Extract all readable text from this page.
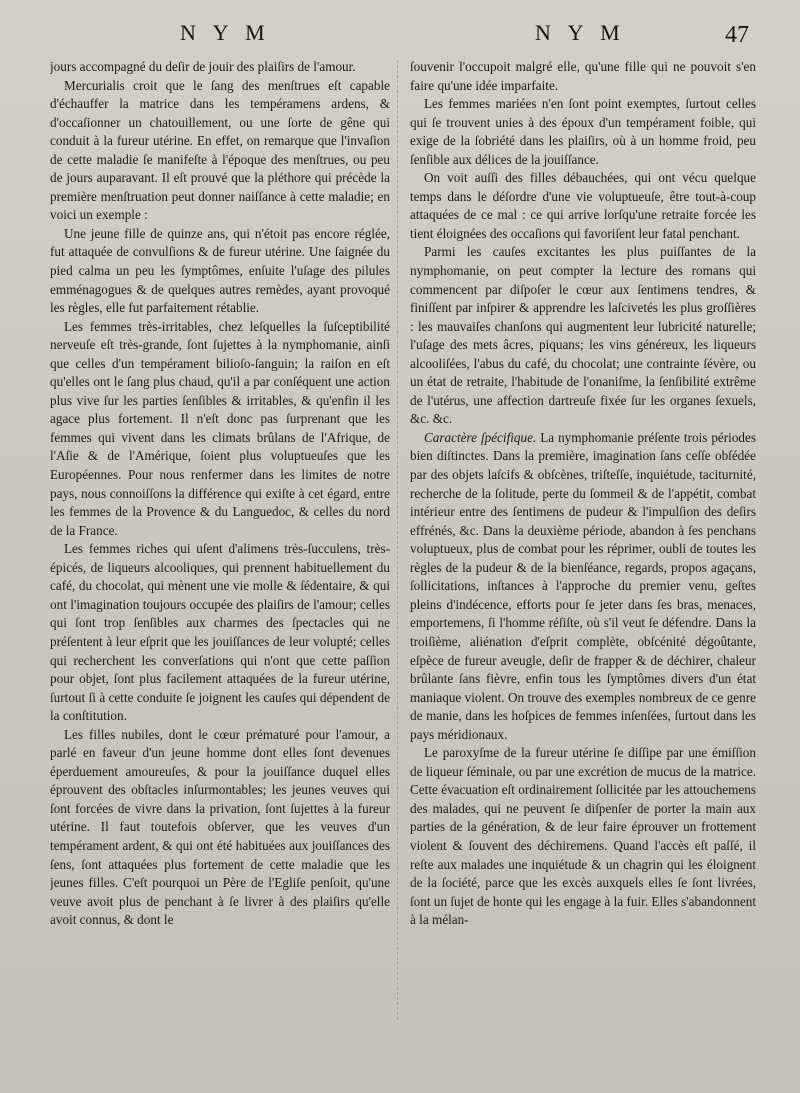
N Y M	N Y M	47

jours accompagné du deſir de jouir des plaiſirs de l'amour.

Mercurialis croit que le ſang des menſtrues eſt capable d'échauffer la matrice dans les tempéramens ardens, & d'occaſionner un chatouillement, ou une ſorte de gêne qui conduit à la fureur utérine. En effet, on remarque que l'invaſion de cette maladie ſe manifeſte à l'époque des menſtrues, ou peu de jours auparavant. Il eſt prouvé que la pléthore qui précède la première menſtruation peut donner naiſſance à cette maladie; en voici un exemple :

Une jeune fille de quinze ans, qui n'étoit pas encore réglée, fut attaquée de convulſions & de fureur utérine. Une ſaignée du pied calma un peu les ſymptômes, enſuite l'uſage des pilules emménagogues & de quelques autres remèdes, ayant provoqué les règles, elle fut parfaitement rétablie.

Les femmes très-irritables, chez leſquelles la ſuſceptibilité nerveuſe eſt très-grande, ſont ſujettes à la nymphomanie, ainſi que celles d'un tempérament bilioſo-ſanguin; la raiſon en eſt qu'elles ont le ſang plus chaud, qu'il a par conſéquent une action plus vive ſur les parties ſenſibles & irritables, & qu'enfin il les agace plus fortement. Il n'eſt donc pas ſurprenant que les femmes qui vivent dans les climats brûlans de l'Afrique, de l'Aſie & de l'Amérique, ſoient plus voluptueuſes que les Européennes. Pour nous renfermer dans les limites de notre pays, nous connoiſſons la différence qui exiſte à cet égard, entre les femmes de la Provence & du Languedoc, & celles du nord de la France.

Les femmes riches qui uſent d'alimens très-ſucculens, très-épicés, de liqueurs alcooliques, qui prennent habituellement du café, du chocolat, qui mènent une vie molle & ſédentaire, & qui ont l'imagination toujours occupée des plaiſirs de l'amour; celles qui ſont trop ſenſibles aux charmes des ſpectacles qui ne préſentent à leur eſprit que les jouiſſances de leur volupté; celles qui recherchent les converſations qui n'ont que cette paſſion pour objet, ſont plus facilement attaquées de la fureur utérine, ſurtout ſi à cette conduite ſe joignent les cauſes qui dépendent de la conſtitution.

Les filles nubiles, dont le cœur prématuré pour l'amour, a parlé en faveur d'un jeune homme dont elles ſont devenues éperduement amoureuſes, & pour la jouiſſance duquel elles éprouvent des obſtacles inſurmontables; les jeunes veuves qui ſont forcées de vivre dans la privation, ſont ſujettes à la fureur utérine. Il faut toutefois obſerver, que les veuves d'un tempérament ardent, & qui ont été habituées aux jouiſſances des ſens, ſont attaquées plus fortement de cette maladie que les jeunes filles. C'eſt pourquoi un Père de l'Egliſe penſoit, qu'une veuve avoit plus de penchant à ſe livrer à des plaiſirs qu'elle avoit connus, & dont le

ſouvenir l'occupoit malgré elle, qu'une fille qui ne pouvoit s'en faire qu'une idée imparfaite.

Les femmes mariées n'en ſont point exemptes, ſurtout celles qui ſe trouvent unies à des époux d'un tempérament foible, qui exige de la ſobriété dans les plaiſirs, où à un homme froid, peu ſenſible aux délices de la jouiſſance.

On voit auſſi des filles débauchées, qui ont vécu quelque temps dans le déſordre d'une vie voluptueuſe, être tout-à-coup attaquées de ce mal : ce qui arrive lorſqu'une retraite forcée les tient éloignées des occaſions qui favoriſent leur fatal penchant.

Parmi les cauſes excitantes les plus puiſſantes de la nymphomanie, on peut compter la lecture des romans qui commencent par diſpoſer le cœur aux ſentimens tendres, & finiſſent par inſpirer & apprendre les laſcivetés les plus groſſières : les mauvaiſes chanſons qui augmentent leur lubricité naturelle; l'uſage des mets âcres, piquans; les vins généreux, les liqueurs alcooliſées, l'abus du café, du chocolat; une contrainte ſévère, ou un état de retraite, l'habitude de l'onaniſme, la ſenſibilité extrême de l'utérus, une affection dartreuſe fixée ſur les organes ſexuels, &c. &c.

Caractère ſpécifique. La nymphomanie préſente trois périodes bien diſtinctes. Dans la première, imagination ſans ceſſe obſédée par des objets laſcifs & obſcènes, triſteſſe, inquiétude, taciturnité, recherche de la ſolitude, perte du ſommeil & de l'appétit, combat intérieur entre des ſentimens de pudeur & l'impulſion des deſirs effrénés, &c. Dans la deuxième période, abandon à ſes penchans voluptueux, plus de combat pour les réprimer, oubli de toutes les règles de la pudeur & de la bienſéance, regards, propos agaçans, ſollicitations, inſtances à l'approche du premier venu, geſtes pleins d'indécence, efforts pour ſe jeter dans ſes bras, menaces, emportemens, ſi l'homme réſiſte, où s'il veut ſe défendre. Dans la troiſième, aliénation d'eſprit complète, obſcénité dégoûtante, eſpèce de fureur aveugle, deſir de frapper & de déchirer, chaleur brûlante ſans fièvre, enfin tous les ſymptômes divers d'un état maniaque violent. On trouve des exemples nombreux de ce genre de manie, dans les hoſpices de femmes inſenſées, ſurtout dans les pays méridionaux.

Le paroxyſme de la fureur utérine ſe diſſipe par une émiſſion de liqueur ſéminale, ou par une excrétion de mucus de la matrice. Cette évacuation eſt ordinairement ſollicitée par les attouchemens des malades, qui ne peuvent ſe diſpenſer de porter la main aux parties de la génération, & de leur faire éprouver un frottement violent & ſouvent des déchiremens. Quand l'accès eſt paſſé, il reſte aux malades une inquiétude & un chagrin qui les éloignent de la ſociété, parce que les excès auxquels elles ſe ſont livrées, ſont un ſujet de honte qui les engage à la fuir. Elles s'abandonnent à la mélan-
